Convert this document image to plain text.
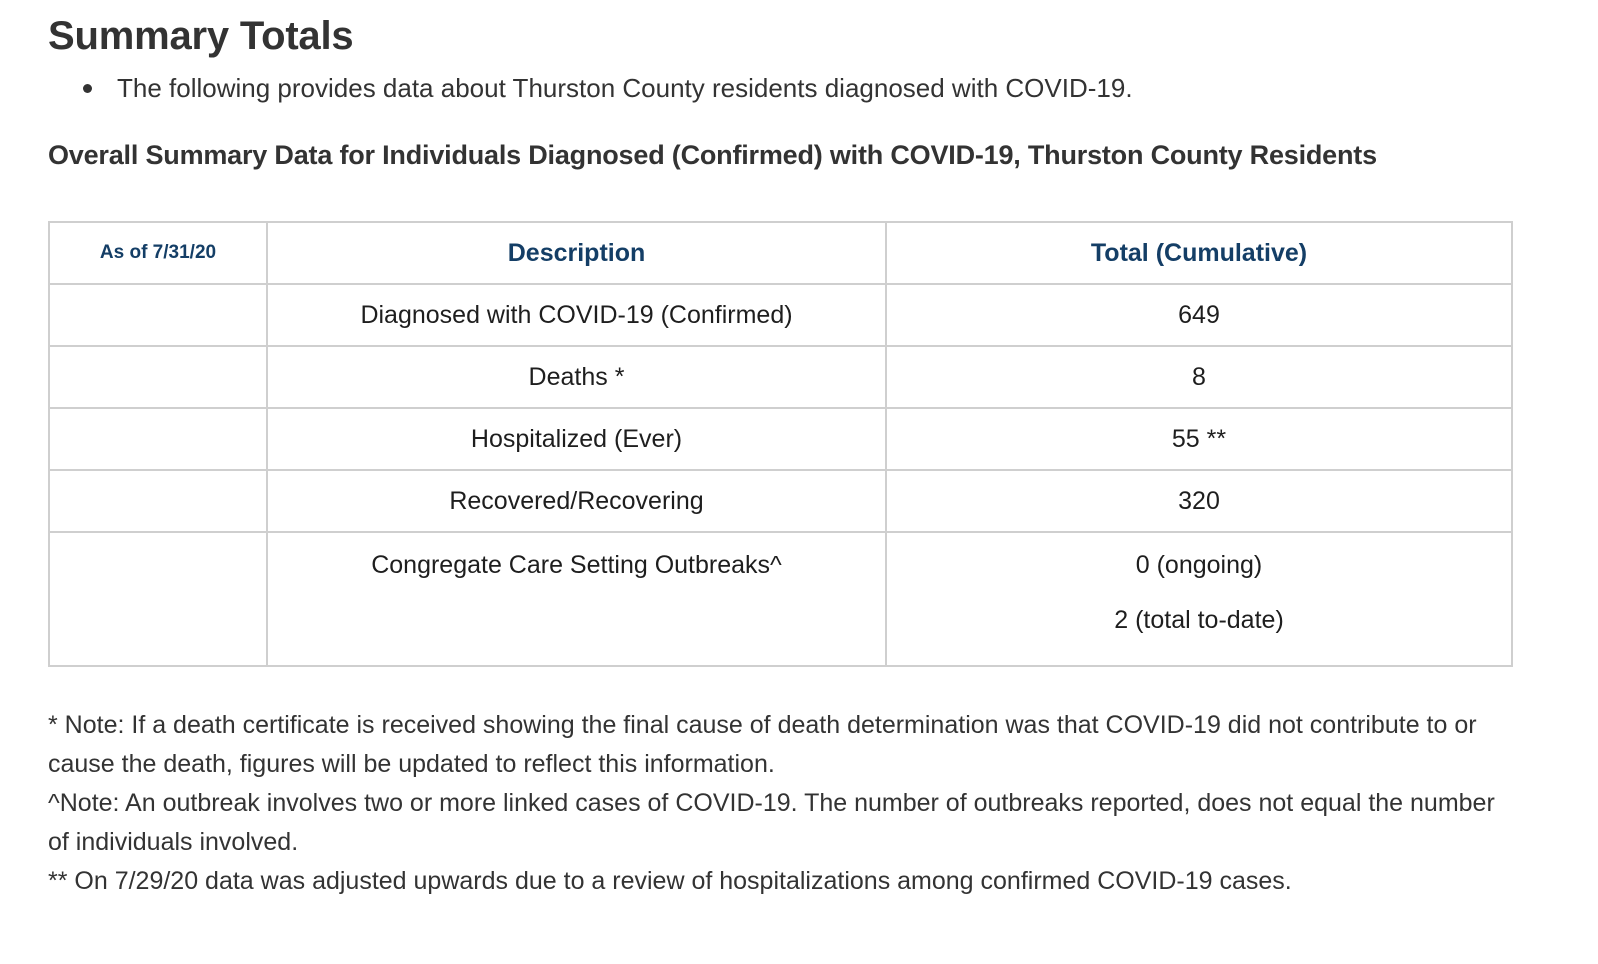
Summary Totals
The following provides data about Thurston County residents diagnosed with COVID-19.
Overall Summary Data for Individuals Diagnosed (Confirmed) with COVID-19, Thurston County Residents
As of 7/31/20	Description	Total (Cumulative)
	Diagnosed with COVID-19 (Confirmed)	649
	Deaths *	8
	Hospitalized (Ever)	55 **
	Recovered/Recovering	320

	Congregate Care Setting Outbreaks^	0 (ongoing)
2 (total to-date)

* Note: If a death certificate is received showing the final cause of death determination was that COVID-19 did not contribute to or cause the death, figures will be updated to reflect this information.

^Note: An outbreak involves two or more linked cases of COVID-19. The number of outbreaks reported, does not equal the number of individuals involved.

** On 7/29/20 data was adjusted upwards due to a review of hospitalizations among confirmed COVID-19 cases.
